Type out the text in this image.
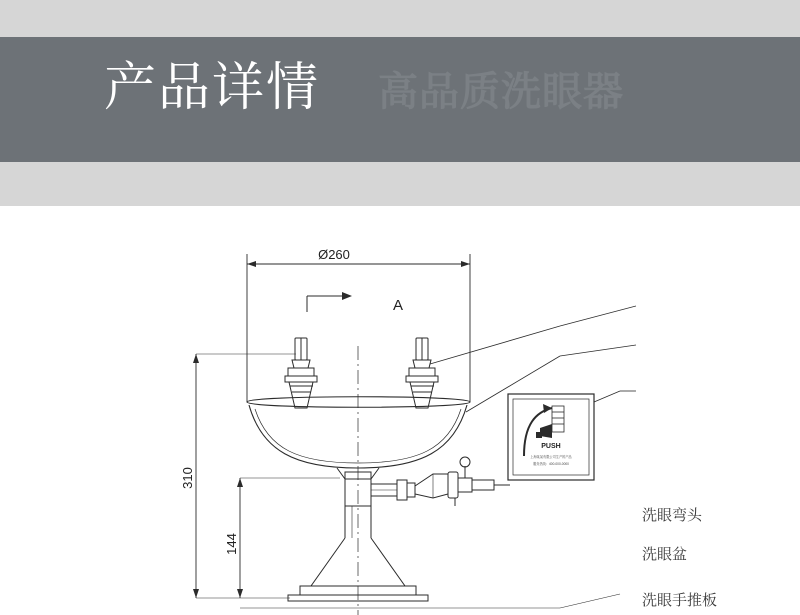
产品详情 高品质洗眼器
Ø260
A
310
144
PUSH
上海某某有限公司生产的产品
服务热线：400-000-0000
洗眼弯头
洗眼盆
洗眼手推板
